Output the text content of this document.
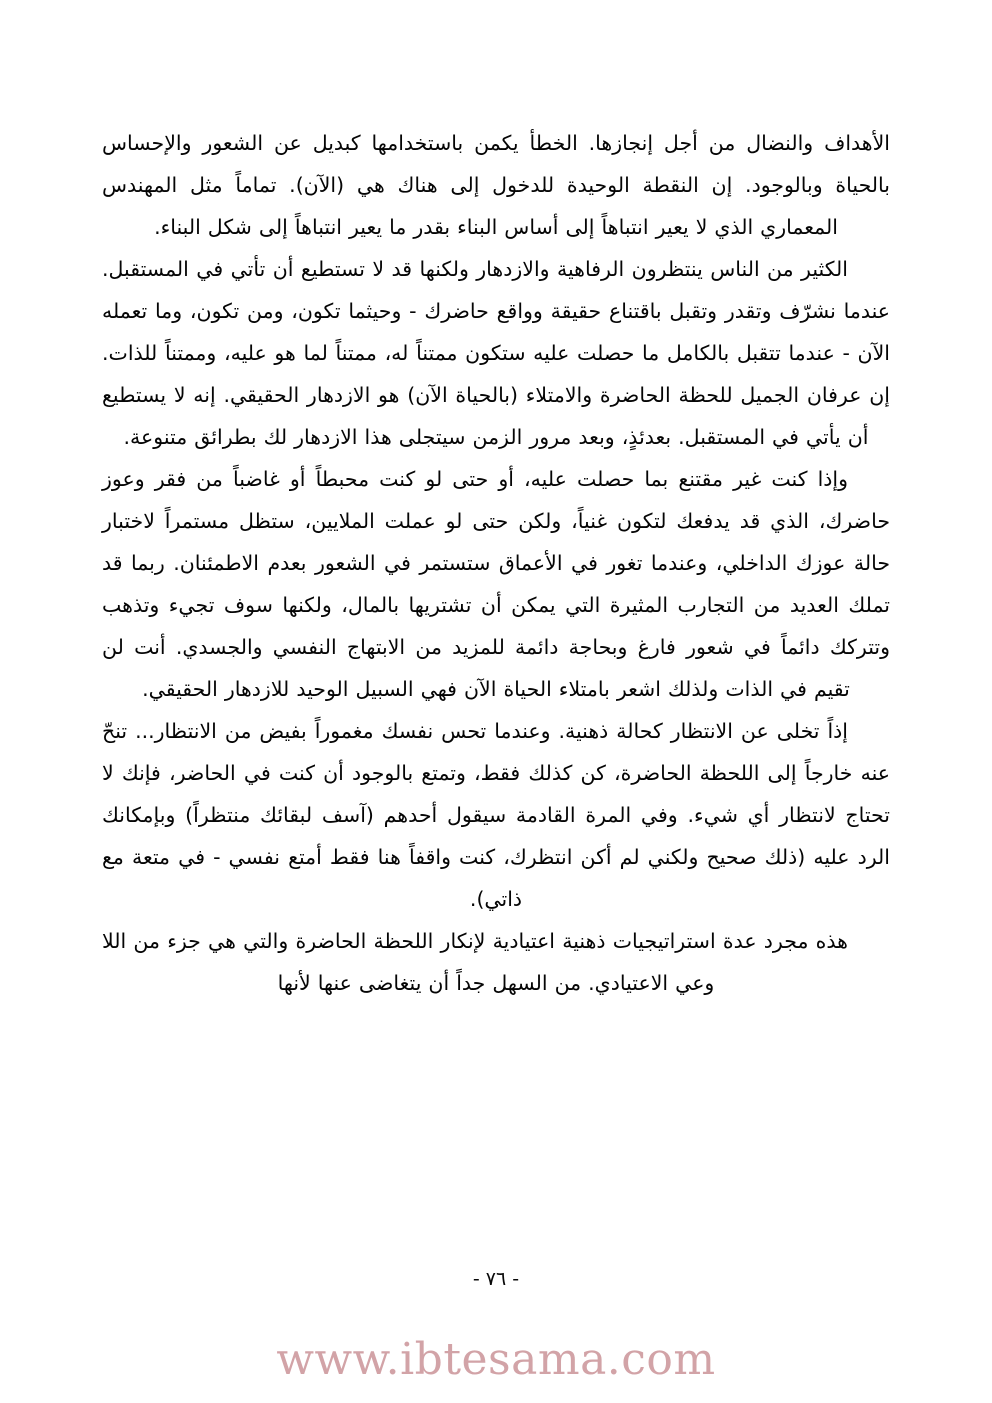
الأهداف والنضال من أجل إنجازها. الخطأ يكمن باستخدامها كبديل عن الشعور والإحساس بالحياة وبالوجود. إن النقطة الوحيدة للدخول إلى هناك هي (الآن). تماماً مثل المهندس المعماري الذي لا يعير انتباهاً إلى أساس البناء بقدر ما يعير انتباهاً إلى شكل البناء.

الكثير من الناس ينتظرون الرفاهية والازدهار ولكنها قد لا تستطيع أن تأتي في المستقبل. عندما نشرّف وتقدر وتقبل باقتناع حقيقة وواقع حاضرك - وحيثما تكون، ومن تكون، وما تعمله الآن - عندما تتقبل بالكامل ما حصلت عليه ستكون ممتناً له، ممتناً لما هو عليه، وممتناً للذات. إن عرفان الجميل للحظة الحاضرة والامتلاء (بالحياة الآن) هو الازدهار الحقيقي. إنه لا يستطيع أن يأتي في المستقبل. بعدئذٍ، وبعد مرور الزمن سيتجلى هذا الازدهار لك بطرائق متنوعة.

وإذا كنت غير مقتنع بما حصلت عليه، أو حتى لو كنت محبطاً أو غاضباً من فقر وعوز حاضرك، الذي قد يدفعك لتكون غنياً، ولكن حتى لو عملت الملايين، ستظل مستمراً لاختبار حالة عوزك الداخلي، وعندما تغور في الأعماق ستستمر في الشعور بعدم الاطمئنان. ربما قد تملك العديد من التجارب المثيرة التي يمكن أن تشتريها بالمال، ولكنها سوف تجيء وتذهب وتتركك دائماً في شعور فارغ وبحاجة دائمة للمزيد من الابتهاج النفسي والجسدي. أنت لن تقيم في الذات ولذلك اشعر بامتلاء الحياة الآن فهي السبيل الوحيد للازدهار الحقيقي.

إذاً تخلى عن الانتظار كحالة ذهنية. وعندما تحس نفسك مغموراً بفيض من الانتظار... تنحّ عنه خارجاً إلى اللحظة الحاضرة، كن كذلك فقط، وتمتع بالوجود أن كنت في الحاضر، فإنك لا تحتاج لانتظار أي شيء. وفي المرة القادمة سيقول أحدهم (آسف لبقائك منتظراً) وبإمكانك الرد عليه (ذلك صحيح ولكني لم أكن انتظرك، كنت واقفاً هنا فقط أمتع نفسي - في متعة مع ذاتي).

هذه مجرد عدة استراتيجيات ذهنية اعتيادية لإنكار اللحظة الحاضرة والتي هي جزء من اللا وعي الاعتيادي. من السهل جداً أن يتغاضى عنها لأنها

- ٧٦ -
www.ibtesama.com
